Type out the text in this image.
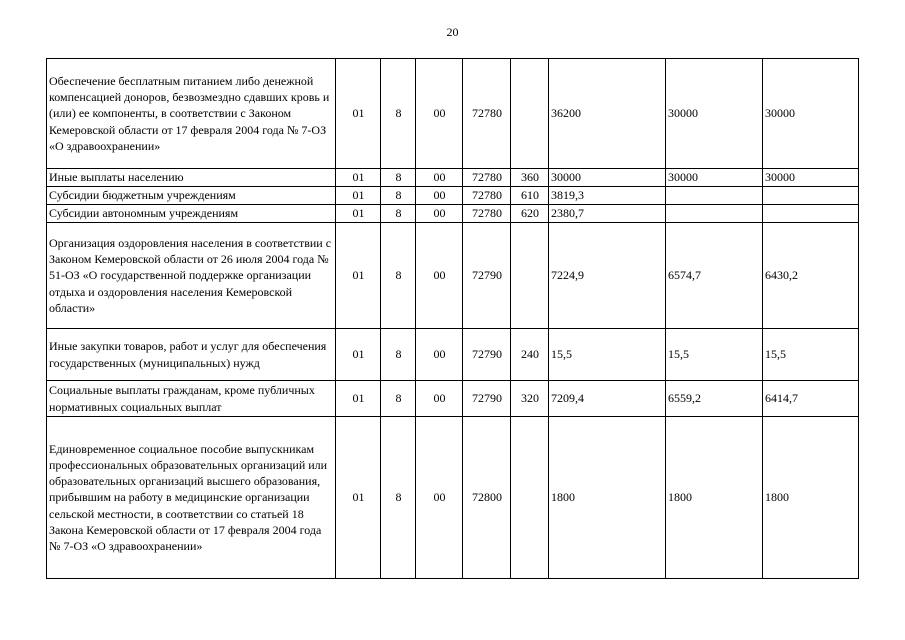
20
Обеспечение бесплатным питанием либо денежной компенсацией доноров, безвозмездно сдавших кровь и (или) ее компоненты, в соответствии с Законом Кемеровской области от 17 февраля 2004 года № 7-ОЗ «О здравоохранении»	01	8	00	72780		36200	30000	30000
Иные выплаты населению	01	8	00	72780	360	30000	30000	30000
Субсидии бюджетным учреждениям	01	8	00	72780	610	3819,3		
Субсидии автономным учреждениям	01	8	00	72780	620	2380,7		
Организация оздоровления населения в соответствии с Законом Кемеровской области от 26 июля 2004 года № 51-ОЗ «О государственной поддержке организации отдыха и оздоровления населения Кемеровской области»	01	8	00	72790		7224,9	6574,7	6430,2
Иные закупки товаров, работ и услуг для обеспечения государственных (муниципальных) нужд	01	8	00	72790	240	15,5	15,5	15,5
Социальные выплаты гражданам, кроме публичных нормативных социальных выплат	01	8	00	72790	320	7209,4	6559,2	6414,7
Единовременное социальное пособие выпускникам профессиональных образовательных организаций или образовательных организаций высшего образования, прибывшим на работу в медицинские организации сельской местности, в соответствии со статьей 18 Закона Кемеровской области от 17 февраля 2004 года № 7-ОЗ «О здравоохранении»	01	8	00	72800		1800	1800	1800
